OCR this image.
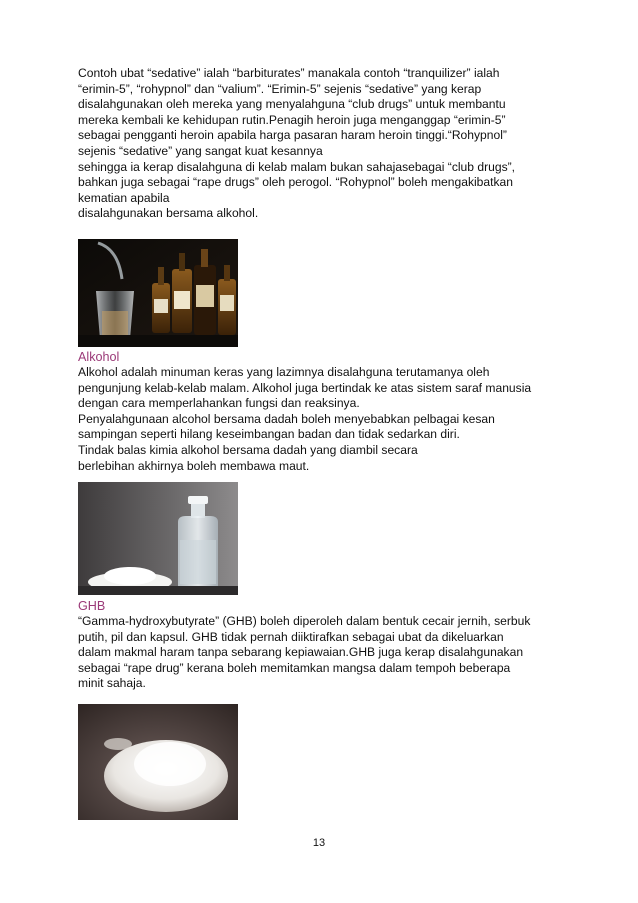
Contoh ubat “sedative” ialah “barbiturates” manakala contoh “tranquilizer” ialah
“erimin-5”, “rohypnol” dan “valium”. “Erimin-5” sejenis “sedative” yang kerap
disalahgunakan oleh mereka yang menyalahguna “club drugs” untuk membantu
mereka kembali ke kehidupan rutin.Penagih heroin juga menganggap “erimin-5”
sebagai pengganti heroin apabila harga pasaran haram heroin tinggi.“Rohypnol”
sejenis “sedative” yang sangat kuat kesannya
sehingga ia kerap disalahguna di kelab malam bukan sahajasebagai “club drugs”,
bahkan juga sebagai “rape drugs” oleh perogol. “Rohypnol” boleh mengakibatkan
kematian apabila
disalahgunakan bersama alkohol.
Alkohol
Alkohol adalah minuman keras yang lazimnya disalahguna terutamanya oleh
pengunjung kelab-kelab malam. Alkohol juga bertindak ke atas sistem saraf manusia
dengan cara memperlahankan fungsi dan reaksinya.
Penyalahgunaan alcohol bersama dadah boleh menyebabkan pelbagai kesan
sampingan seperti hilang keseimbangan badan dan tidak sedarkan diri.
Tindak balas kimia alkohol bersama dadah yang diambil secara
berlebihan akhirnya boleh membawa maut.
GHB
“Gamma-hydroxybutyrate” (GHB) boleh diperoleh dalam bentuk cecair jernih, serbuk
putih, pil dan kapsul. GHB tidak pernah diiktirafkan sebagai ubat da dikeluarkan
dalam makmal haram tanpa sebarang kepiawaian.GHB juga kerap disalahgunakan
sebagai “rape drug” kerana boleh memitamkan mangsa dalam tempoh beberapa
minit sahaja.
13
